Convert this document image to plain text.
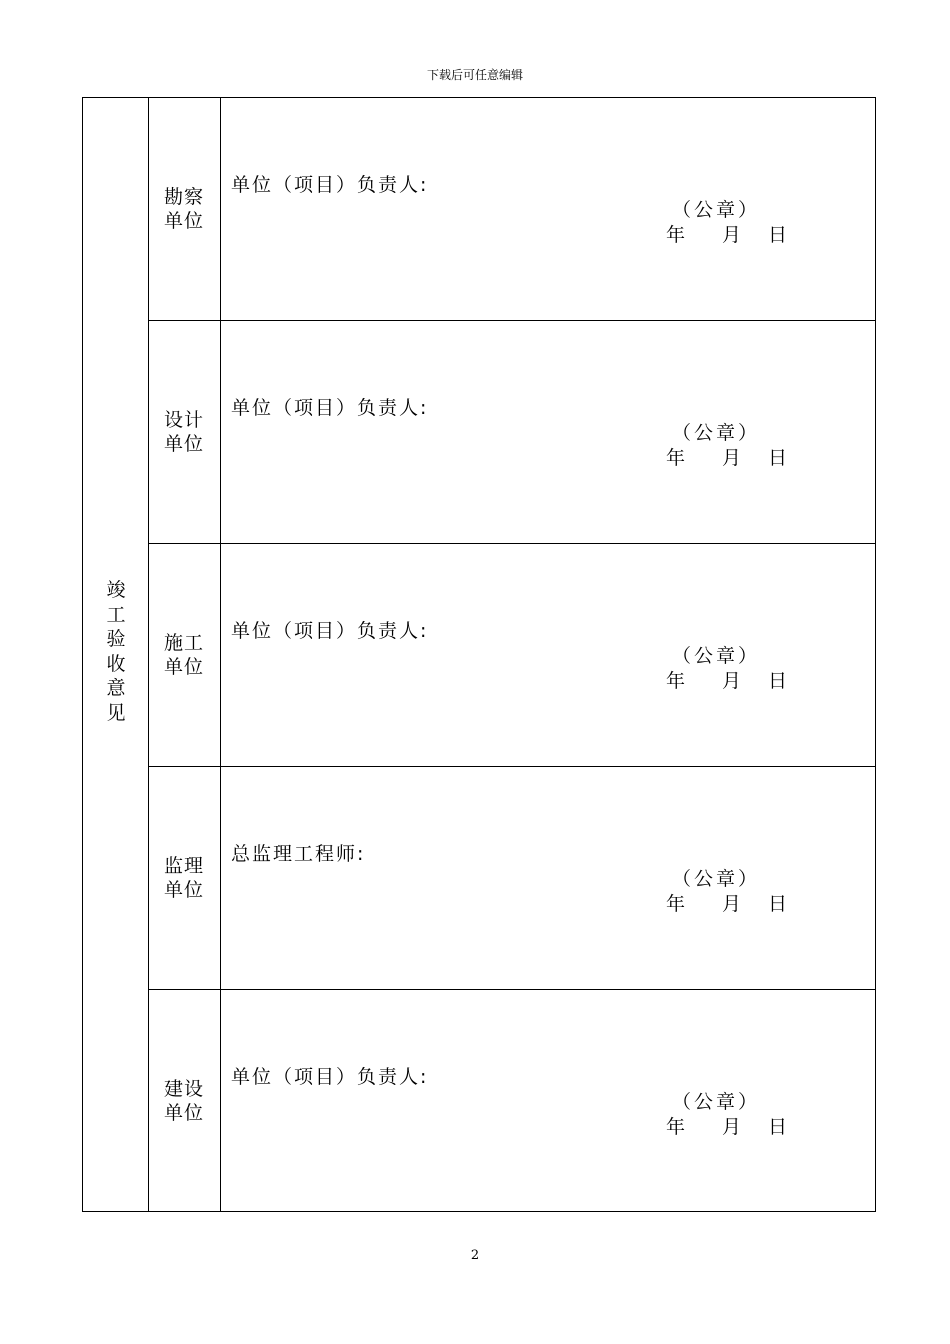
下载后可任意编辑
竣
工
验
收
意
见
勘察
单位
单位（项目）负责人:
（公章）
年 月 日
设计
单位
单位（项目）负责人:
（公章）
年 月 日
施工
单位
单位（项目）负责人:
（公章）
年 月 日
监理
单位
总监理工程师:
（公章）
年 月 日
建设
单位
单位（项目）负责人:
（公章）
年 月 日
2
